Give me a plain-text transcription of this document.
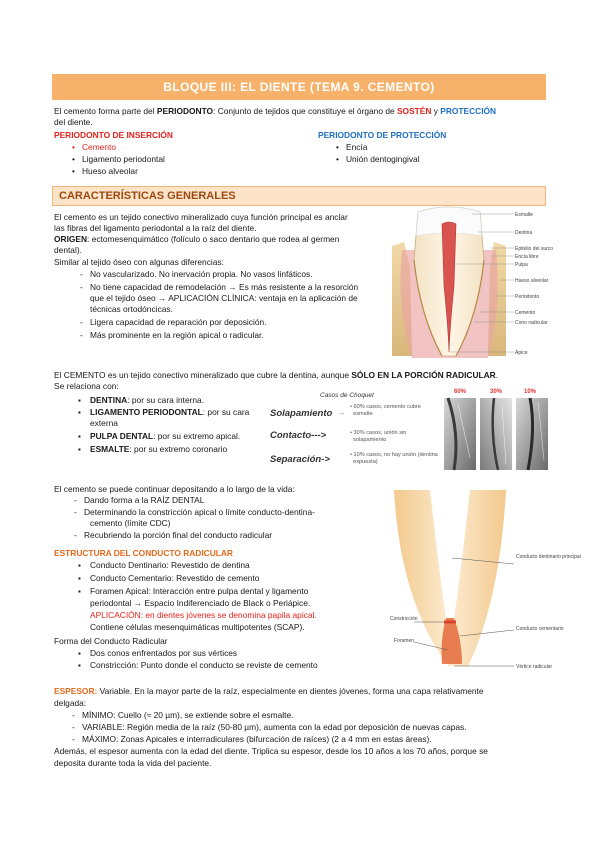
BLOQUE III: EL DIENTE (TEMA 9. CEMENTO)
El cemento forma parte del PERIODONTO: Conjunto de tejidos que constituye el órgano de SOSTÉN y PROTECCIÓN
del diente.
PERIODONTO DE INSERCIÓN
• Cemento
• Ligamento periodontal
• Hueso alveolar
PERIODONTO DE PROTECCIÓN
• Encía
• Unión dentogingival
CARACTERÍSTICAS GENERALES
El cemento es un tejido conectivo mineralizado cuya función principal es anclar
las fibras del ligamento periodontal a la raíz del diente.
ORIGEN: ectomesenquimático (folículo o saco dentario que rodea al germen
dental).
Similar al tejido óseo con algunas diferencias:
- No vascularizado. No inervación propia. No vasos linfáticos.
- No tiene capacidad de remodelación → Es más resistente a la resorción
que el tejido óseo → APLICACIÓN CLÍNICA: ventaja en la aplicación de
técnicas ortodóncicas.
- Ligera capacidad de reparación por deposición.
- Más prominente en la región apical o radicular.
Esmalte
Dentina
Epitelio del surco
Encía libre
Pulpa
Hueso alveolar
Periodonto
Cemento
Cono radicular
Ápice
El CEMENTO es un tejido conectivo mineralizado que cubre la dentina, aunque SÓLO EN LA PORCIÓN RADICULAR.
Se relaciona con:
▪ DENTINA: por su cara interna.
▪ LIGAMENTO PERIODONTAL: por su cara
externa
▪ PULPA DENTAL: por su extremo apical.
▪ ESMALTE: por su extremo coronario
Casos de Choquet
Solapamiento →
• 60% casos, cemento cubre
esmalte
Contacto--->	• 30% casos, unión sin
solapamiento
Separación->	• 10% casos, no hay unión (dentina
expuesta)
60%	30%	10%
El cemento se puede continuar depositando a lo largo de la vida:
- Dando forma a la RAÍZ DENTAL
- Determinando la constricción apical o límite conducto-dentina-
cemento (límite CDC)
- Recubriendo la porción final del conducto radicular
ESTRUCTURA DEL CONDUCTO RADICULAR
▪ Conducto Dentinario: Revestido de dentina
▪ Conducto Cementario: Revestido de cemento
▪ Foramen Apical: Interacción entre pulpa dental y ligamento
periodontal → Espacio Indiferenciado de Black o Periápice.
APLICACIÓN: en dientes jóvenes se denomina papila apical.
Contiene células mesenquimáticas multipotentes (SCAP).
Forma del Conducto Radicular
▪ Dos conos enfrentados por sus vértices
▪ Constricción: Punto donde el conducto se reviste de cemento
Conducto dentinario principal
Constricción
Conducto cementario
Foramen
Vértice radicular
ESPESOR: Variable. En la mayor parte de la raíz, especialmente en dientes jóvenes, forma una capa relativamente
delgada:
- MÍNIMO: Cuello (≈ 20 µm), se extiende sobre el esmalte.
- VARIABLE: Región media de la raíz (50-80 µm), aumenta con la edad por deposición de nuevas capas.
- MÁXIMO: Zonas Apicales e interradiculares (bifurcación de raíces) (2 a 4 mm en estas áreas).
Además, el espesor aumenta con la edad del diente. Triplica su espesor, desde los 10 años a los 70 años, porque se
deposita durante toda la vida del paciente.
